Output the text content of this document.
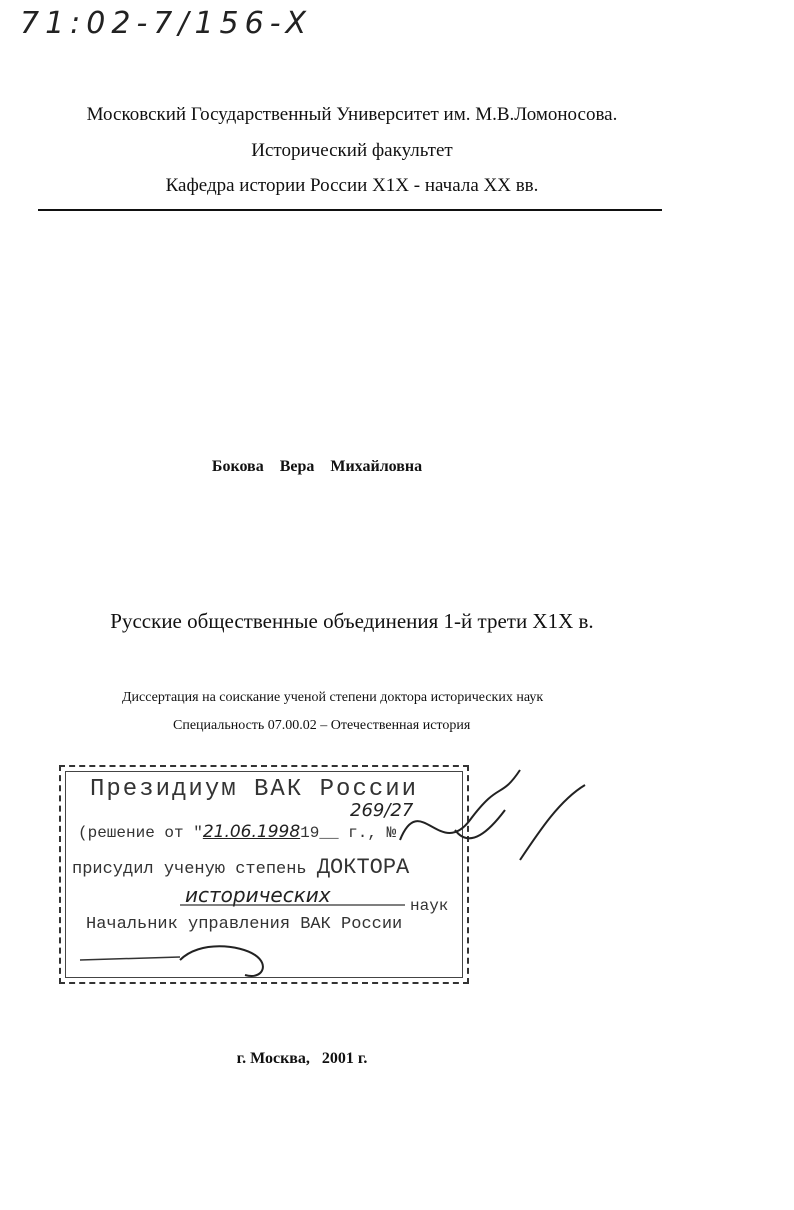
71:02-7/156-X
Московский Государственный Университет им. М.В.Ломоносова.
Исторический факультет
Кафедра истории России Х1Х - начала ХХ вв.
Бокова    Вера    Михайловна
Русские общественные объединения 1-й трети Х1Х в.
Диссертация на соискание ученой степени доктора исторических наук
Специальность 07.00.02 – Отечественная история
Президиум ВАК России
(решение от "21.06.199819__ г., №
269/27
присудил ученую степень ДОКТОРА
исторических	наук
Начальник управления ВАК России
г. Москва,   2001 г.
